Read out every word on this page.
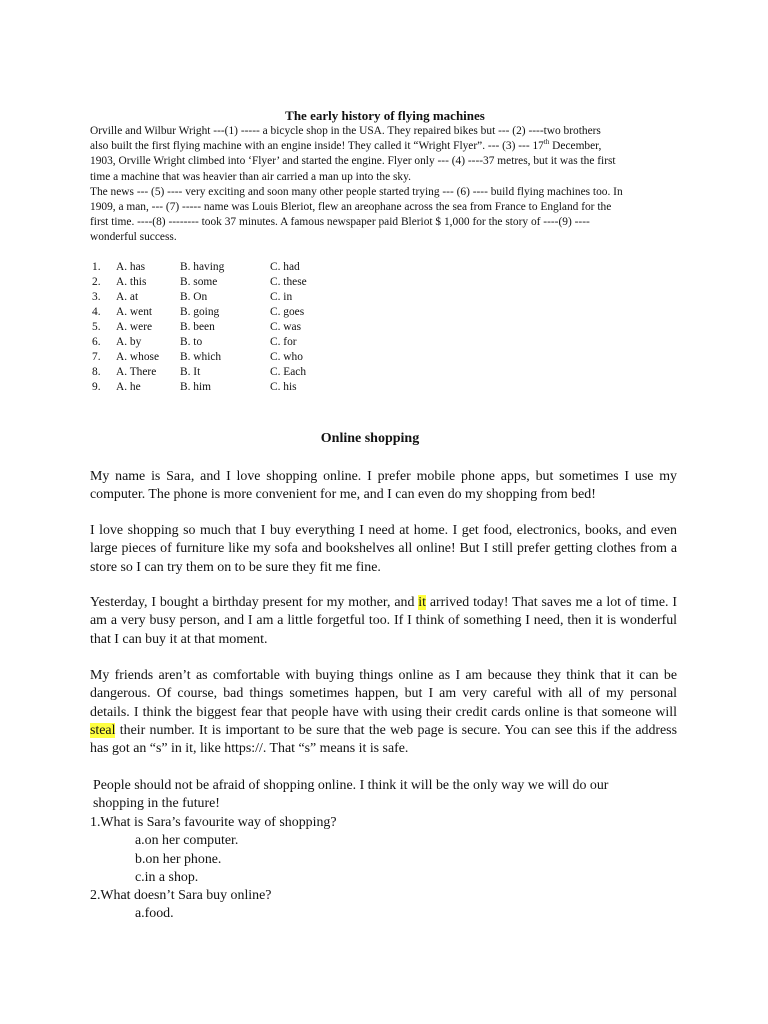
The early history of flying machines

Orville and Wilbur Wright ---(1) ----- a bicycle shop in the USA. They repaired bikes but --- (2) ----two brothers
also built the first flying machine with an engine inside! They called it “Wright Flyer”. --- (3) --- 17th December,
1903, Orville Wright climbed into ‘Flyer’ and started the engine. Flyer only --- (4) ----37 metres, but it was the first
time a machine that was heavier than air carried a man up into the sky.

The news --- (5) ---- very exciting and soon many other people started trying --- (6) ---- build flying machines too. In
1909, a man, --- (7) ----- name was Louis Bleriot, flew an areophane across the sea from France to England for the
first time. ----(8) -------- took 37 minutes. A famous newspaper paid Bleriot $ 1,000 for the story of ----(9) ----
wonderful success.

1.	A. has	B. having	C. had
2.	A. this	B. some	C. these
3.	A. at	B. On	C. in
4.	A. went	B. going	C. goes
5.	A. were	B. been	C. was
6.	A. by	B. to	C. for
7.	A. whose	B. which	C. who
8.	A. There	B. It	C. Each
9.	A. he	B. him	C. his
Online shopping

My name is Sara, and I love shopping online. I prefer mobile phone apps, but sometimes I use my computer. The phone is more convenient for me, and I can even do my shopping from bed!

I love shopping so much that I buy everything I need at home. I get food, electronics, books, and even large pieces of furniture like my sofa and bookshelves all online! But I still prefer getting clothes from a store so I can try them on to be sure they fit me fine.

Yesterday, I bought a birthday present for my mother, and it arrived today! That saves me a lot of time. I am a very busy person, and I am a little forgetful too. If I think of something I need, then it is wonderful that I can buy it at that moment.

My friends aren’t as comfortable with buying things online as I am because they think that it can be dangerous. Of course, bad things sometimes happen, but I am very careful with all of my personal details. I think the biggest fear that people have with using their credit cards online is that someone will steal their number. It is important to be sure that the web page is secure. You can see this if the address has got an “s” in it, like https://. That “s” means it is safe.

People should not be afraid of shopping online. I think it will be the only way we will do our
shopping in the future!

1.What is Sara’s favourite way of shopping?
a.on her computer.
b.on her phone.
c.in a shop.
2.What doesn’t Sara buy online?
a.food.
